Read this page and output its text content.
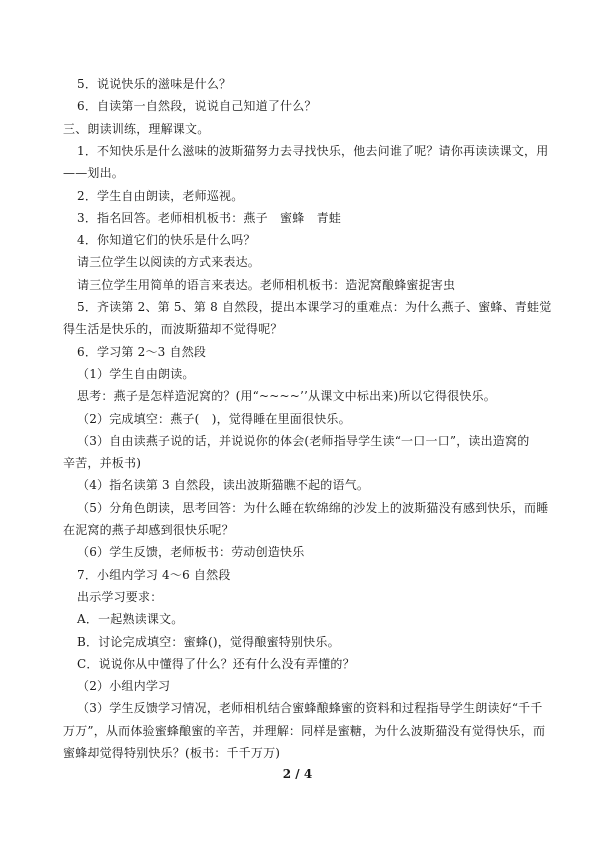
5．说说快乐的滋味是什么？
6．自读第一自然段，说说自己知道了什么？
三、朗读训练，理解课文。
1．不知快乐是什么滋味的波斯猫努力去寻找快乐，他去问谁了呢？请你再读读课文，用
——划出。
2．学生自由朗读，老师巡视。
3．指名回答。老师相机板书：燕子　蜜蜂　青蛙
4．你知道它们的快乐是什么吗？
请三位学生以阅读的方式来表达。
请三位学生用简单的语言来表达。老师相机板书：造泥窝酿蜂蜜捉害虫
5．齐读第 2、第 5、第 8 自然段，提出本课学习的重难点：为什么燕子、蜜蜂、青蛙觉
得生活是快乐的，而波斯猫却不觉得呢？
6．学习第 2～3 自然段
（1）学生自由朗读。
思考：燕子是怎样造泥窝的？(用“~~~~’’从课文中标出来)所以它得很快乐。
（2）完成填空：燕子(　)，觉得睡在里面很快乐。
（3）自由读燕子说的话，并说说你的体会(老师指导学生读“一口一口”，读出造窝的
辛苦，并板书)
（4）指名读第 3 自然段，读出波斯猫瞧不起的语气。
（5）分角色朗读，思考回答：为什么睡在软绵绵的沙发上的波斯猫没有感到快乐，而睡
在泥窝的燕子却感到很快乐呢？
（6）学生反馈，老师板书：劳动创造快乐
7．小组内学习 4～6 自然段
出示学习要求：
A．一起熟读课文。
B．讨论完成填空：蜜蜂()，觉得酿蜜特别快乐。
C．说说你从中懂得了什么？还有什么没有弄懂的？
（2）小组内学习
（3）学生反馈学习情况，老师相机结合蜜蜂酿蜂蜜的资料和过程指导学生朗读好“千千
万万”，从而体验蜜蜂酿蜜的辛苦，并理解：同样是蜜糖，为什么波斯猫没有觉得快乐，而
蜜蜂却觉得特别快乐？(板书：千千万万)
2 / 4
